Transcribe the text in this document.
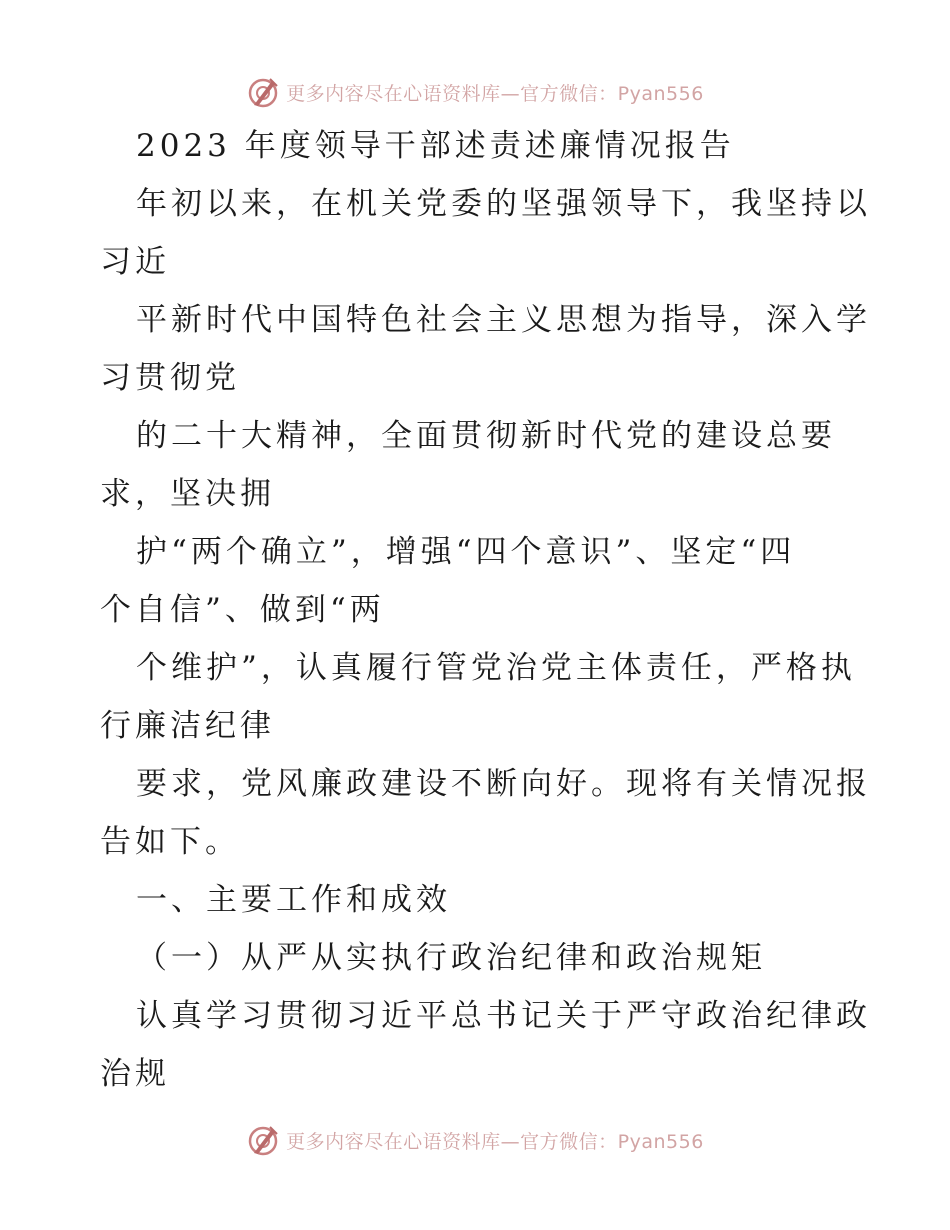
更多内容尽在心语资料库—官方微信：Pyan556

2023 年度领导干部述责述廉情况报告

年初以来，在机关党委的坚强领导下，我坚持以

习近

平新时代中国特色社会主义思想为指导，深入学

习贯彻党

的二十大精神，全面贯彻新时代党的建设总要

求，坚决拥

护“两个确立”，增强“四个意识”、坚定“四

个自信”、做到“两

个维护”，认真履行管党治党主体责任，严格执

行廉洁纪律

要求，党风廉政建设不断向好。现将有关情况报

告如下。

一、主要工作和成效

（一）从严从实执行政治纪律和政治规矩

认真学习贯彻习近平总书记关于严守政治纪律政

治规

更多内容尽在心语资料库—官方微信：Pyan556
